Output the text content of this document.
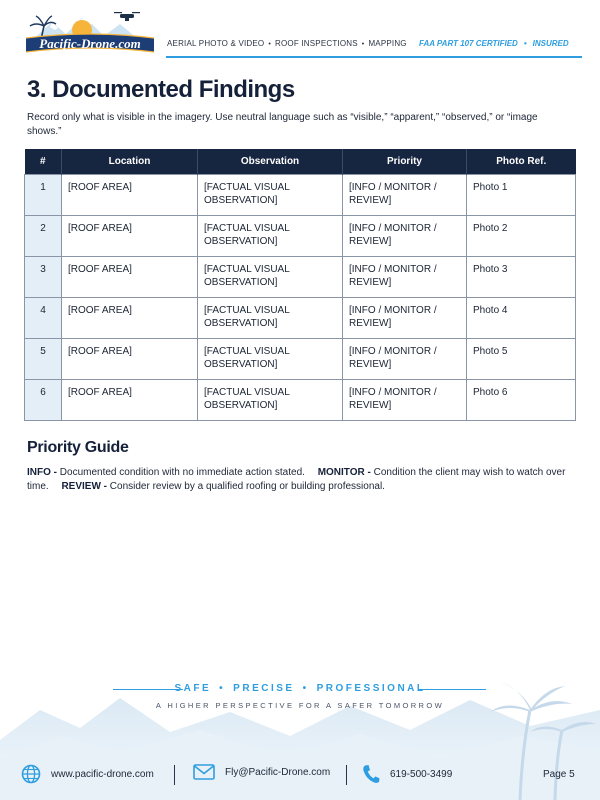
Pacific-Drone.com	AERIAL PHOTO & VIDEO • ROOF INSPECTIONS • MAPPING FAA PART 107 CERTIFIED • INSURED
3. Documented Findings

Record only what is visible in the imagery. Use neutral language such as “visible,” “apparent,” “observed,” or “image shows.”

#	Location	Observation	Priority	Photo Ref.
1	[ROOF AREA]	[FACTUAL VISUAL OBSERVATION]	[INFO / MONITOR / REVIEW]	Photo 1
2	[ROOF AREA]	[FACTUAL VISUAL OBSERVATION]	[INFO / MONITOR / REVIEW]	Photo 2
3	[ROOF AREA]	[FACTUAL VISUAL OBSERVATION]	[INFO / MONITOR / REVIEW]	Photo 3
4	[ROOF AREA]	[FACTUAL VISUAL OBSERVATION]	[INFO / MONITOR / REVIEW]	Photo 4
5	[ROOF AREA]	[FACTUAL VISUAL OBSERVATION]	[INFO / MONITOR / REVIEW]	Photo 5
6	[ROOF AREA]	[FACTUAL VISUAL OBSERVATION]	[INFO / MONITOR / REVIEW]	Photo 6
Priority Guide

INFO - Documented condition with no immediate action stated. MONITOR - Condition the client may wish to watch over time. REVIEW - Consider review by a qualified roofing or building professional.

SAFE • PRECISE • PROFESSIONAL
A HIGHER PERSPECTIVE FOR A SAFER TOMORROW
www.pacific-drone.com	Fly@Pacific-Drone.com	619-500-3499	Page 5
